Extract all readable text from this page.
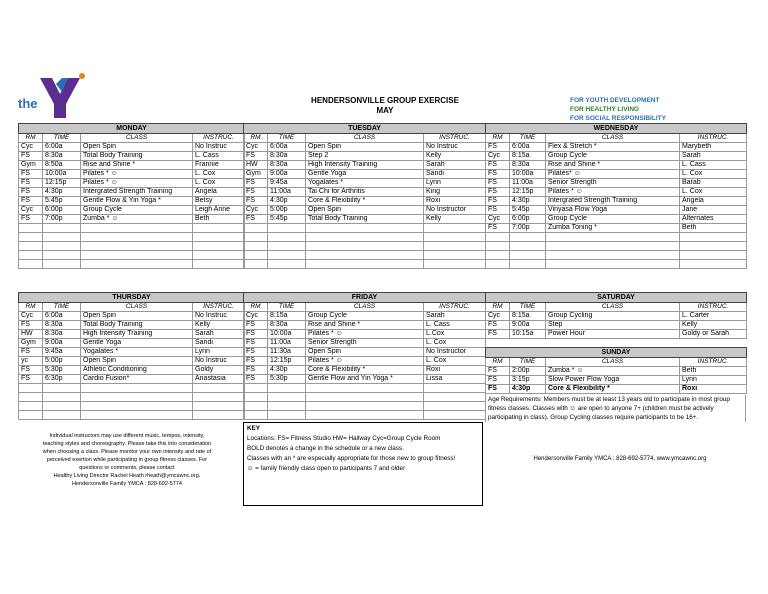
the	HENDERSONVILLE GROUP EXERCISE
MAY
FOR YOUTH DEVELOPMENT
FOR HEALTHY LIVING
FOR SOCIAL RESPONSIBILITY
Age Requirements: Members must be at least 13 years old to participate in most group fitness classes. Classes with ☺ are open to anyone 7+ (children must be actively participating in class). Group Cycling classes require participants to be 16+.
KEY
Locations: FS= Fitness Studio HW= Hallway Cyc=Group Cycle Room
BOLD denotes a change in the schedule or a new class.
Classes with an * are especially appropriate for those new to group fitness!
☺ = family friendly class open to participants 7 and older
Individual instructors may use different music, tempos, intensity,
teaching styles and choreography. Please take this into consideration
when choosing a class. Please monitor your own intensity and rate of
perceived exertion while participating in group fitness classes. For
questions or comments, please contact
Healthy Living Director Rachel Heath rheath@ymcawnc.org.
Hendersonville Family YMCA : 828-692-5774
Hendersonville Family YMCA : 828-692-5774, www.ymcawnc.org
MONDAY			
RM	TIME	CLASS	INSTRUC.
Cyc	6:00a	Open Spin	No Instruc
FS	8:30a	Total Body Training	L. Cass
Gym	8:50a	Rise and Shine *	Frannie
FS	10:00a	Pilates * ☺	L. Cox
FS	12:15p	Pilates * ☺	L. Cox
FS	4:30p	Intergrated Strength Training	Angela
FS	5:45p	Gentle Flow & Yin Yoga *	Betsy
Cyc	6:00p	Group Cycle	Leigh Anne
FS	7:00p	Zumba * ☺	Beth

TUESDAY			
RM	TIME	CLASS	INSTRUC.
Cyc	6:00a	Open Spin	No Instruc
FS	8:30a	Step 2	Kelly
HW	8:30a	High Intensity Training	Sarah
Gym	9:00a	Gentle Yoga	Sandi
FS	9:45a	Yogalates *	Lynn
FS	11:00a	Tai Chi for Arthritis	King
FS	4:30p	Core & Flexibility *	Roxi
Cyc	5:00p	Open Spin	No Instructor
FS	5:45p	Total Body Training	Kelly

WEDNESDAY			
RM	TIME	CLASS	INSTRUC.
FS	6:00a	Flex & Stretch *	Marybeth
Cyc	8:15a	Group Cycle	Sarah
FS	8:30a	Rise and Shine *	L. Cass
FS	10:00a	Pilates* ☺	L. Cox
FS	11:00a	Senior Strength	Barab
FS	12:15p	Pilates * ☺	L. Cox
FS	4:30p	Intergrated Strength Training	Angela
FS	5:45p	Vinyasa Flow Yoga	Jane
Cyc	6:00p	Group Cycle	Alternates
FS	7:00p	Zumba Toning *	Beth

THURSDAY			
RM	TIME	CLASS	INSTRUC.
Cyc	6:00a	Open Spin	No Instruc
FS	8:30a	Total Body Training	Kelly
HW	8:30a	High Intensity Training	Sarah
Gym	9:00a	Gentle Yoga	Sandi
FS	9:45a	Yogalates *	Lynn
yc	5:00p	Open Spin	No Instruc
FS	5:30p	Athletic Conditioning	Goldy
FS	6:30p	Cardio Fusion*	Anastasia

FRIDAY			
RM	TIME	CLASS	INSTRUC.
Cyc	8:15a	Group Cycle	Sarah
FS	8:30a	Rise and Shine *	L. Cass
FS	10:00a	Pilates * ☺	L.Cox
FS	11:00a	Senior Strength	L. Cox
FS	11:30a	Open Spin	No Instructor
FS	12:15p	Pilates * ☺	L. Cox
FS	4:30p	Core & Flexibility *	Roxi
FS	5:30p	Gentle Flow and Yin Yoga *	Lissa

SATURDAY			
RM	TIME	CLASS	INSTRUC.
Cyc	8:15a	Group Cycling	L. Carter
FS	9:00a	Step	Kelly
FS	10:15a	Power Hour	Goldy or Sarah
SUNDAY			
RM	TIME	CLASS	INSTRUC.
FS	2:00p	Zumba * ☺	Beth
FS	3:15p	Slow Power Flow Yoga	Lynn
FS	4:30p	Core & Flexibility *	Roxi
